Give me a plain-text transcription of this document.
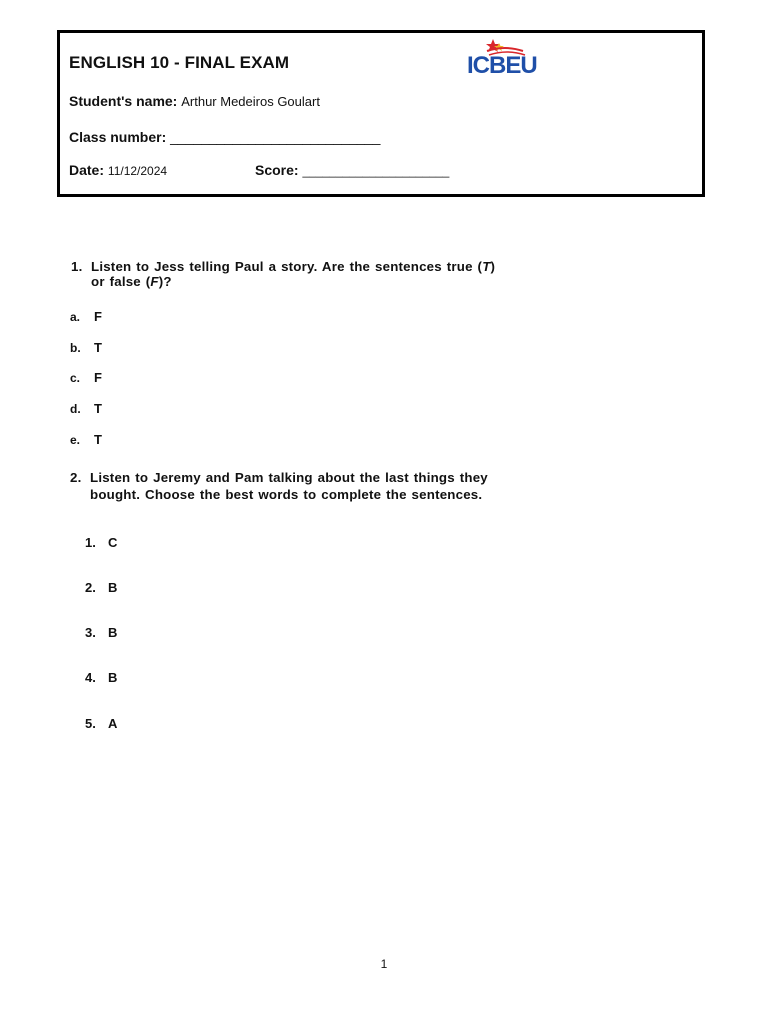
ENGLISH 10 - FINAL EXAM	ICBEU
Student's name: Arthur Medeiros Goulart
Class number: ___________________________
Date: 11/12/2024	Score: ______________________
1. Listen to Jess telling Paul a story. Are the sentences true (T)
or false (F)?
a. F
b. T
c. F
d. T
e. T
2. Listen to Jeremy and Pam talking about the last things they
bought. Choose the best words to complete the sentences.
1. C
2. B
3. B
4. B
5. A
1
